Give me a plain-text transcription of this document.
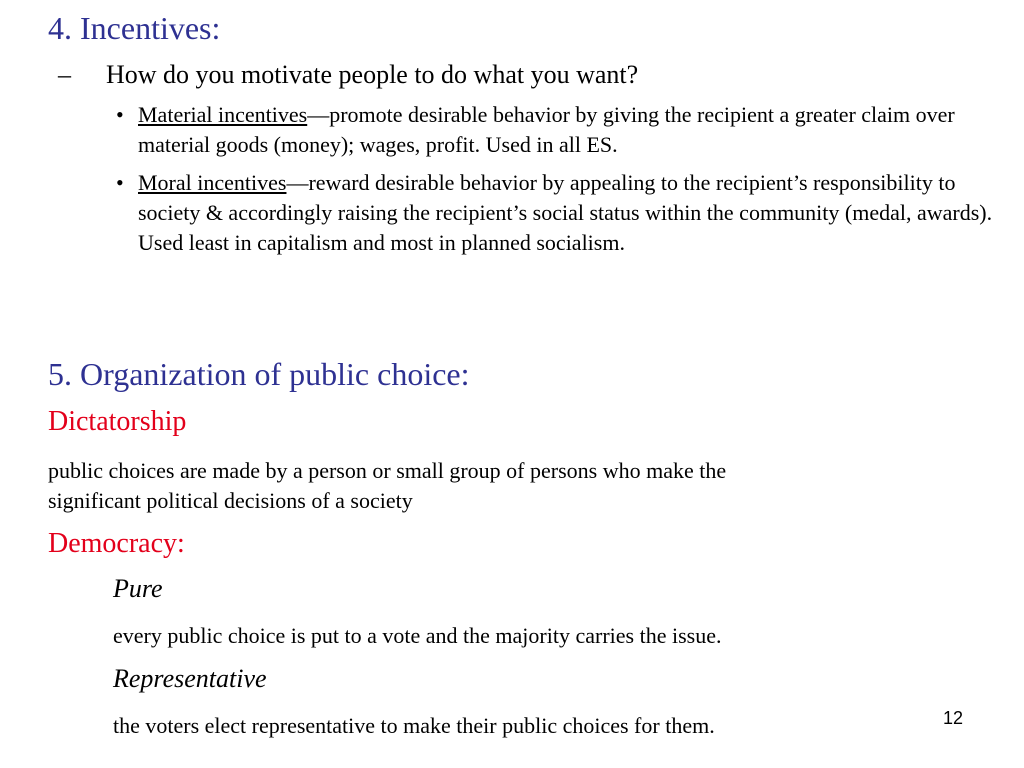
4. Incentives:
– How do you motivate people to do what you want?
• Material incentives—promote desirable behavior by giving the recipient a greater claim over material goods (money); wages, profit. Used in all ES.
• Moral incentives—reward desirable behavior by appealing to the recipient’s responsibility to society & accordingly raising the recipient’s social status within the community (medal, awards). Used least in capitalism and most in planned socialism.
5. Organization of public choice:
Dictatorship
public choices are made by a person or small group of persons who make the
significant political decisions of a society
Democracy:
Pure
every public choice is put to a vote and the majority carries the issue.
Representative
the voters elect representative to make their public choices for them.	12
